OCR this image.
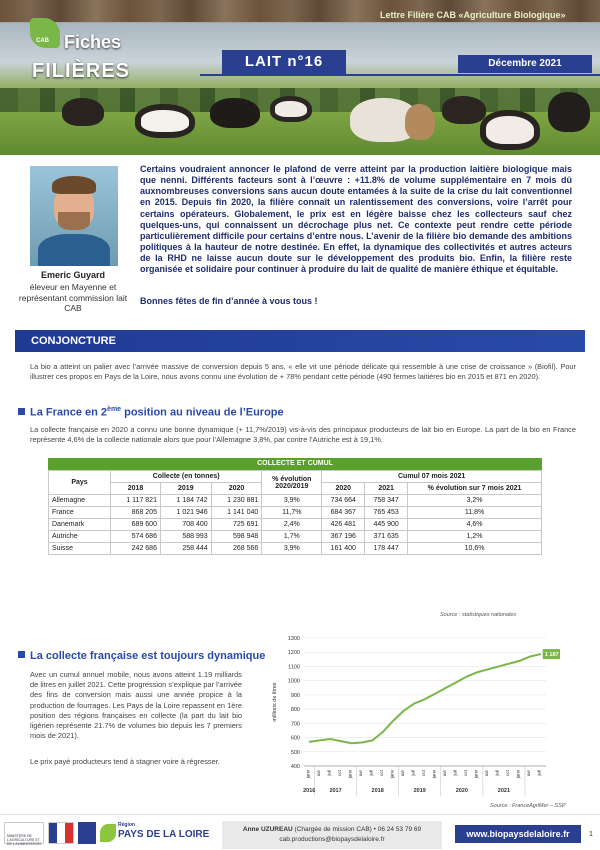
CAB Fiches
FILIÈRES
Lettre Filière CAB «Agriculture Biologique»
LAIT n°16	Décembre 2021
Emeric Guyard
éleveur en Mayenne et représentant commission lait CAB
Certains voudraient annoncer le plafond de verre atteint par la production laitière biologique mais que nenni. Différents facteurs sont à l’œuvre : +11.8% de volume supplémentaire en 7 mois dû auxnombreuses conversions sans aucun doute entamées à la suite de la crise du lait conventionnel en 2015. Depuis fin 2020, la filière connaît un ralentissement des conversions, voire l’arrêt pour certains opérateurs. Globalement, le prix est en légère baisse chez les collecteurs sauf chez quelques-uns, qui connaissent un décrochage plus net. Ce contexte peut rendre cette période particulièrement difficile pour certains d’entre nous. L’avenir de la filière bio demande des ambitions politiques à la hauteur de notre destinée. En effet, la dynamique des collectivités et autres acteurs de la RHD ne laisse aucun doute sur le développement des produits bio. Enfin, la filière reste organisée et solidaire pour continuer à produire du lait de qualité de manière éthique et équitable.
Bonnes fêtes de fin d’année à vous tous !
CONJONCTURE
La bio a atteint un palier avec l’arrivée massive de conversion depuis 5 ans, « elle vit une période délicate qui ressemble à une crise de croissance » (Biofil). Pour illustrer ces propos en Pays de la Loire, nous avons connu une évolution de + 78% pendant cette période (490 fermes laitières bio en 2015 et 871 en 2020).
La France en 2ème position au niveau de l’Europe
La collecte française en 2020 a connu une bonne dynamique (+ 11,7%/2019) vis-à-vis des principaux producteurs de lait bio en Europe. La part de la bio en France représente 4,6% de la collecte nationale alors que pour l’Allemagne 3,8%, par contre l’Autriche est à 19,1%.
COLLECTE ET CUMUL
Pays	Collecte (en tonnes)			% évolution 2020/2019	Cumul 07 mois 2021		
	2018	2019	2020		2020	2021	% évolution sur 7 mois 2021
Allemagne	1 117 821	1 184 742	1 230 881	3,9%	734 664	758 347	3,2%
France	868 205	1 021 946	1 141 040	11,7%	684 367	765 453	11,8%
Danemark	689 600	708 400	725 691	2,4%	426 481	445 900	4,6%
Autriche	574 686	588 993	598 948	1,7%	367 196	371 635	1,2%
Suisse	242 686	258 444	268 566	3,9%	161 400	178 447	10,6%
Source : statistiques nationales
La collecte française est toujours dynamique
Avec un cumul annuel mobile, nous avons atteint 1.19 milliards de litres en juillet 2021. Cette progression s’explique par l’arrivée des fins de conversion mais aussi une année propice à la production de fourrages. Les Pays de la Loire repassent en 1ère position des régions françaises en collecte (la part du lait bio ligérien représente 21.7% de volumes bio depuis les 7 premiers mois de 2021).
Le prix payé producteurs tend à stagner voire à régresser.
400
500
600
700
800
900
1000
1100
1200
1300
millions de litres
janv avr juil oct janv avr juil oct janv avr juil oct janv avr juil oct janv avr juil oct janv avr juil
2016	2017	2018	2019	2020	2021
1 187
Source : FranceAgriMer – SSP
MINISTÈRE DE L’AGRICULTURE ET DE L’ALIMENTATION
Région
PAYS DE LA LOIRE	Anne UZUREAU (Chargée de mission CAB) • 06 24 53 79 69
cab.productions@biopaysdelaloire.fr
www.biopaysdelaloire.fr	1
